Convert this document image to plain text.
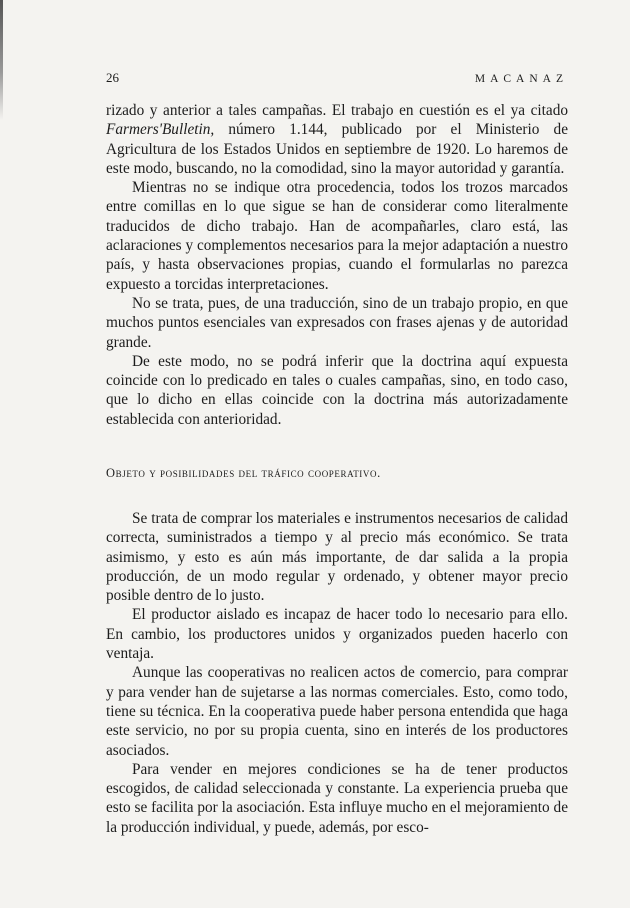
26	MACANAZ

rizado y anterior a tales campañas. El trabajo en cuestión es el ya citado Farmers'Bulletin, número 1.144, publicado por el Ministerio de Agricultura de los Estados Unidos en septiembre de 1920. Lo haremos de este modo, buscando, no la comodidad, sino la mayor autoridad y garantía.

Mientras no se indique otra procedencia, todos los trozos marcados entre comillas en lo que sigue se han de considerar como literalmente traducidos de dicho trabajo. Han de acompañarles, claro está, las aclaraciones y complementos necesarios para la mejor adaptación a nuestro país, y hasta observaciones propias, cuando el formularlas no parezca expuesto a torcidas interpretaciones.

No se trata, pues, de una traducción, sino de un trabajo propio, en que muchos puntos esenciales van expresados con frases ajenas y de autoridad grande.

De este modo, no se podrá inferir que la doctrina aquí expuesta coincide con lo predicado en tales o cuales campañas, sino, en todo caso, que lo dicho en ellas coincide con la doctrina más autorizadamente establecida con anterioridad.

Objeto y posibilidades del tráfico cooperativo.

Se trata de comprar los materiales e instrumentos necesarios de calidad correcta, suministrados a tiempo y al precio más económico. Se trata asimismo, y esto es aún más importante, de dar salida a la propia producción, de un modo regular y ordenado, y obtener mayor precio posible dentro de lo justo.

El productor aislado es incapaz de hacer todo lo necesario para ello. En cambio, los productores unidos y organizados pueden hacerlo con ventaja.

Aunque las cooperativas no realicen actos de comercio, para comprar y para vender han de sujetarse a las normas comerciales. Esto, como todo, tiene su técnica. En la cooperativa puede haber persona entendida que haga este servicio, no por su propia cuenta, sino en interés de los productores asociados.

Para vender en mejores condiciones se ha de tener productos escogidos, de calidad seleccionada y constante. La experiencia prueba que esto se facilita por la asociación. Esta influye mucho en el mejoramiento de la producción individual, y puede, además, por esco-
